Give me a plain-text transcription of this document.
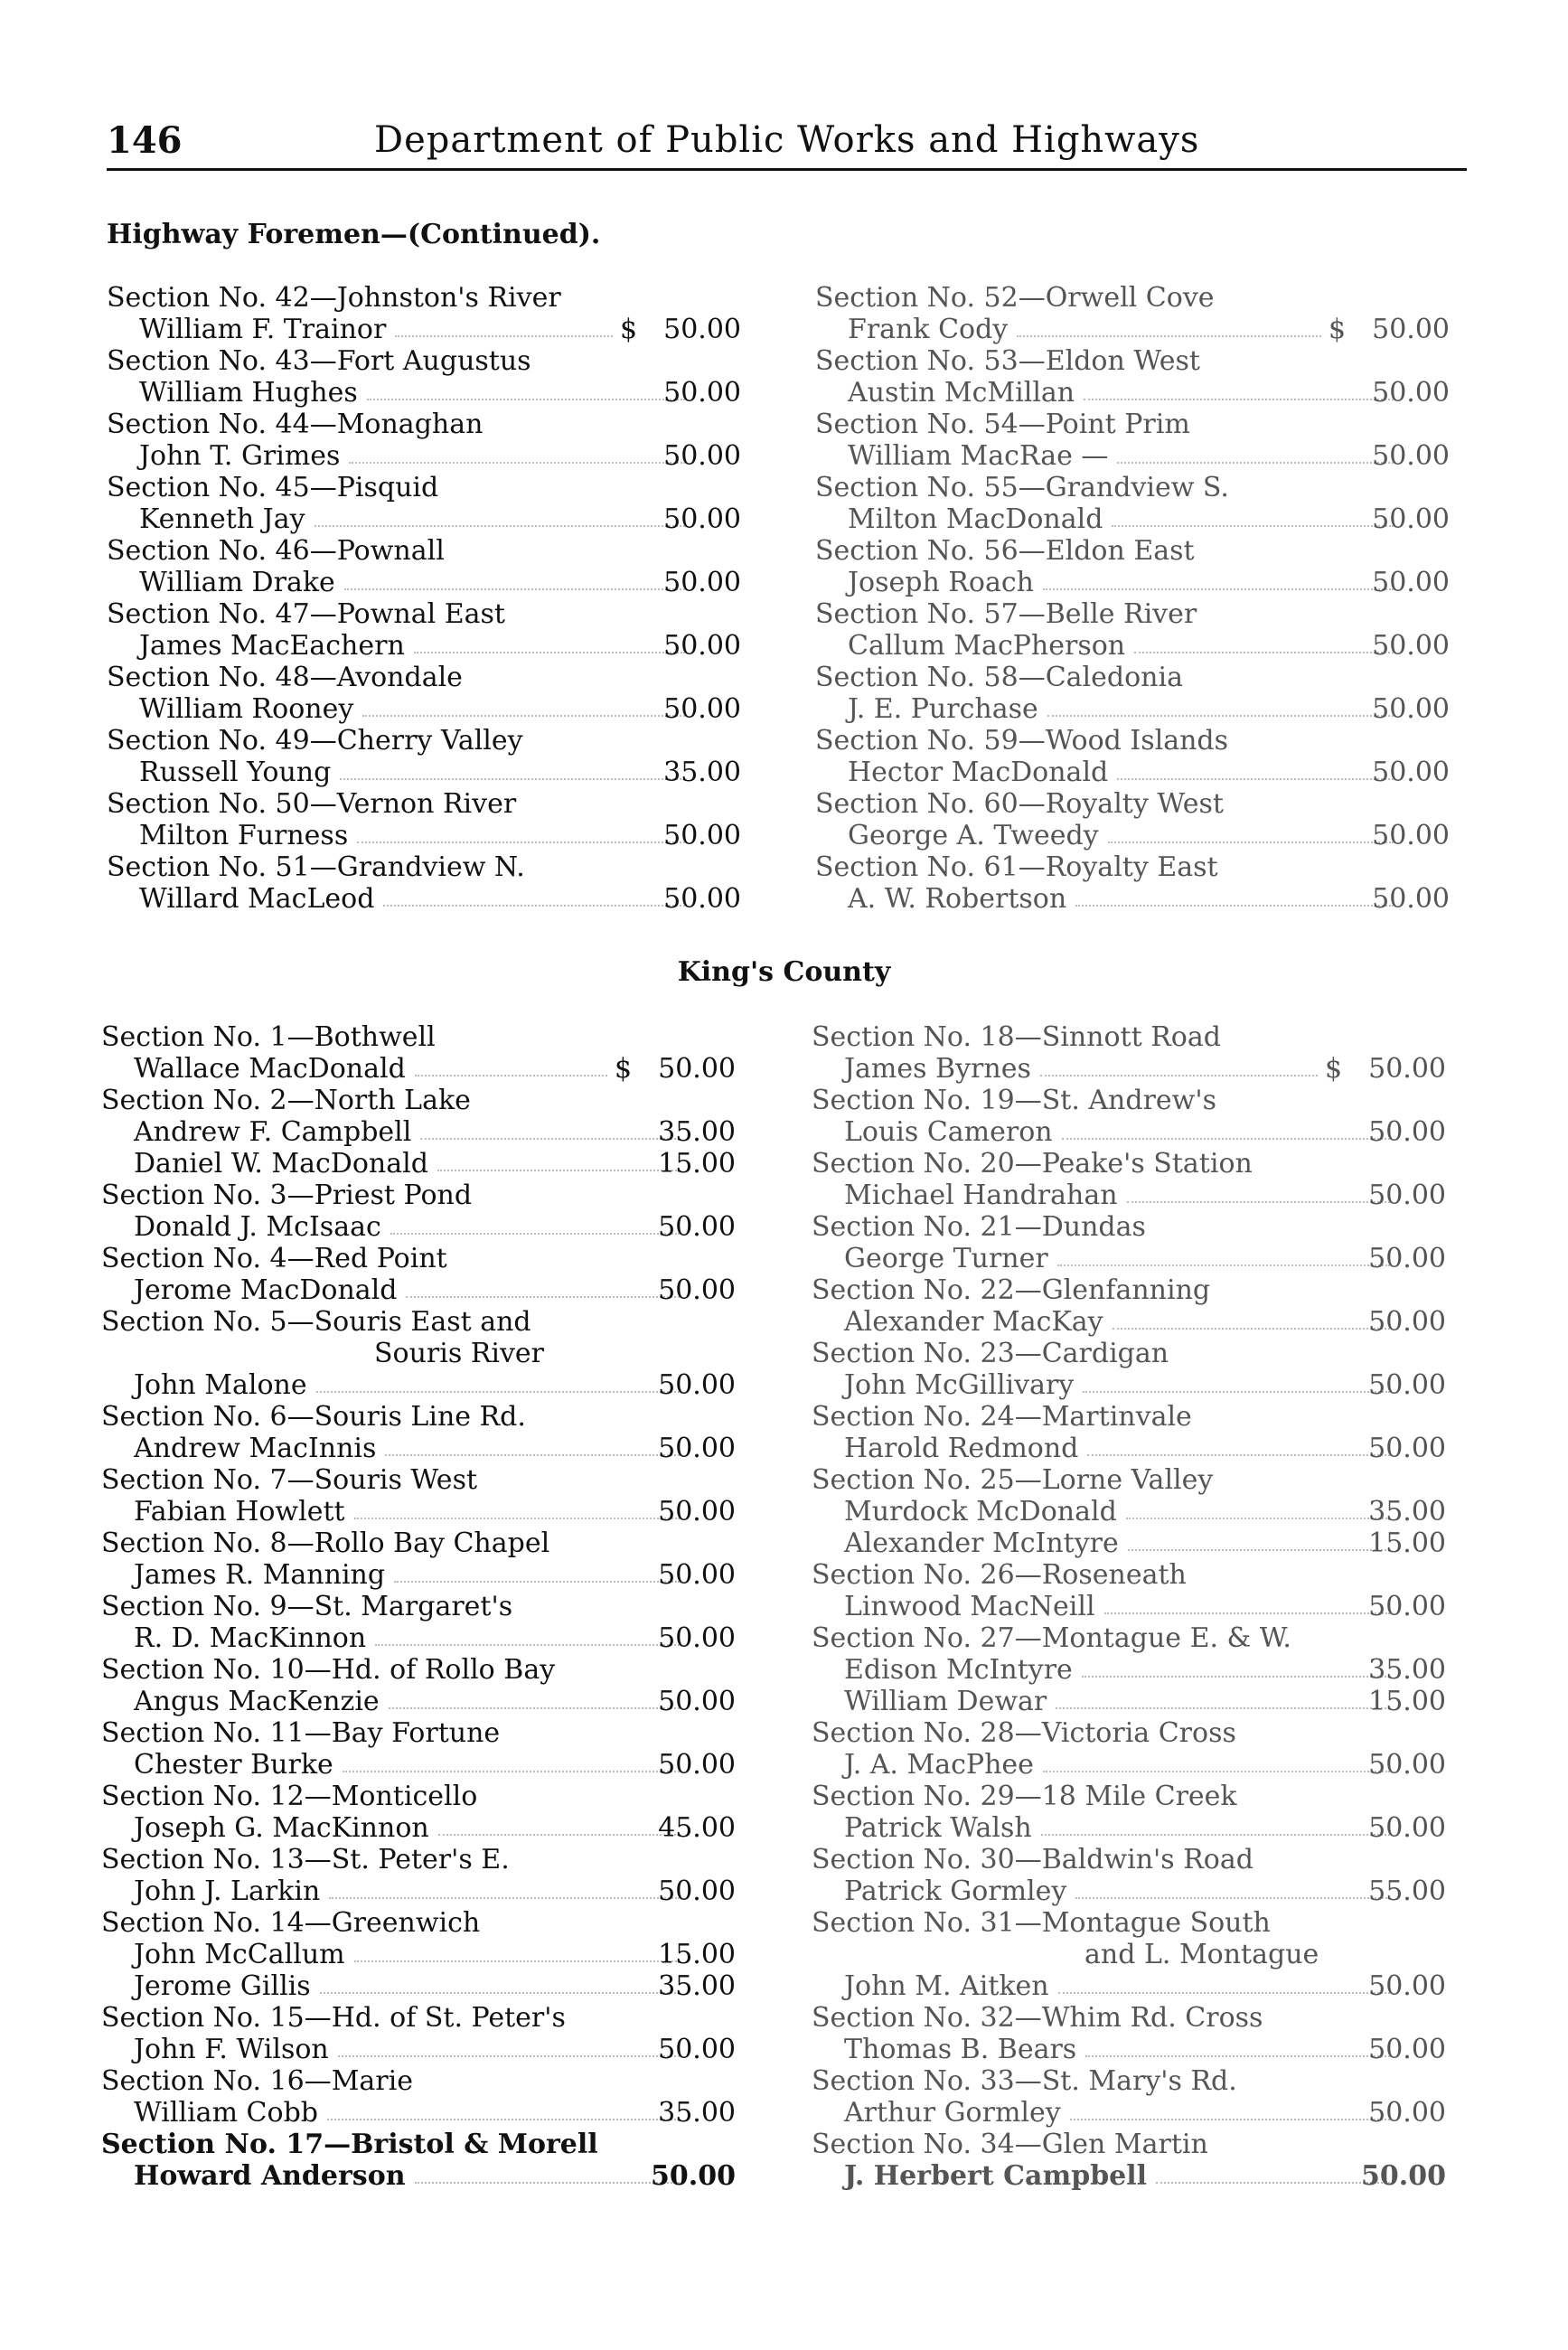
146	Department of Public Works and Highways
Highway Foremen—(Continued).
King's County
Section No. 42—Johnston's River
William F. Trainor	$ 50.00
Section No. 43—Fort Augustus
William Hughes	50.00
Section No. 44—Monaghan
John T. Grimes	50.00
Section No. 45—Pisquid
Kenneth Jay	50.00
Section No. 46—Pownall
William Drake	50.00
Section No. 47—Pownal East
James MacEachern	50.00
Section No. 48—Avondale
William Rooney	50.00
Section No. 49—Cherry Valley
Russell Young	35.00
Section No. 50—Vernon River
Milton Furness	50.00
Section No. 51—Grandview N.
Willard MacLeod	50.00
Section No. 52—Orwell Cove
Frank Cody	$ 50.00
Section No. 53—Eldon West
Austin McMillan	50.00
Section No. 54—Point Prim
William MacRae —	50.00
Section No. 55—Grandview S.
Milton MacDonald	50.00
Section No. 56—Eldon East
Joseph Roach	50.00
Section No. 57—Belle River
Callum MacPherson	50.00
Section No. 58—Caledonia
J. E. Purchase	50.00
Section No. 59—Wood Islands
Hector MacDonald	50.00
Section No. 60—Royalty West
George A. Tweedy	50.00
Section No. 61—Royalty East
A. W. Robertson	50.00
Section No. 1—Bothwell
Wallace MacDonald	$ 50.00
Section No. 2—North Lake
Andrew F. Campbell	35.00
Daniel W. MacDonald	15.00
Section No. 3—Priest Pond
Donald J. McIsaac	50.00
Section No. 4—Red Point
Jerome MacDonald	50.00
Section No. 5—Souris East and
Souris River
John Malone	50.00
Section No. 6—Souris Line Rd.
Andrew MacInnis	50.00
Section No. 7—Souris West
Fabian Howlett	50.00
Section No. 8—Rollo Bay Chapel
James R. Manning	50.00
Section No. 9—St. Margaret's
R. D. MacKinnon	50.00
Section No. 10—Hd. of Rollo Bay
Angus MacKenzie	50.00
Section No. 11—Bay Fortune
Chester Burke	50.00
Section No. 12—Monticello
Joseph G. MacKinnon	45.00
Section No. 13—St. Peter's E.
John J. Larkin	50.00
Section No. 14—Greenwich
John McCallum	15.00
Jerome Gillis	35.00
Section No. 15—Hd. of St. Peter's
John F. Wilson	50.00
Section No. 16—Marie
William Cobb	35.00
Section No. 17—Bristol & Morell
Howard Anderson	50.00
Section No. 18—Sinnott Road
James Byrnes	$ 50.00
Section No. 19—St. Andrew's
Louis Cameron	50.00
Section No. 20—Peake's Station
Michael Handrahan	50.00
Section No. 21—Dundas
George Turner	50.00
Section No. 22—Glenfanning
Alexander MacKay	50.00
Section No. 23—Cardigan
John McGillivary	50.00
Section No. 24—Martinvale
Harold Redmond	50.00
Section No. 25—Lorne Valley
Murdock McDonald	35.00
Alexander McIntyre	15.00
Section No. 26—Roseneath
Linwood MacNeill	50.00
Section No. 27—Montague E. & W.
Edison McIntyre	35.00
William Dewar	15.00
Section No. 28—Victoria Cross
J. A. MacPhee	50.00
Section No. 29—18 Mile Creek
Patrick Walsh	50.00
Section No. 30—Baldwin's Road
Patrick Gormley	55.00
Section No. 31—Montague South
and L. Montague
John M. Aitken	50.00
Section No. 32—Whim Rd. Cross
Thomas B. Bears	50.00
Section No. 33—St. Mary's Rd.
Arthur Gormley	50.00
Section No. 34—Glen Martin
J. Herbert Campbell	50.00
